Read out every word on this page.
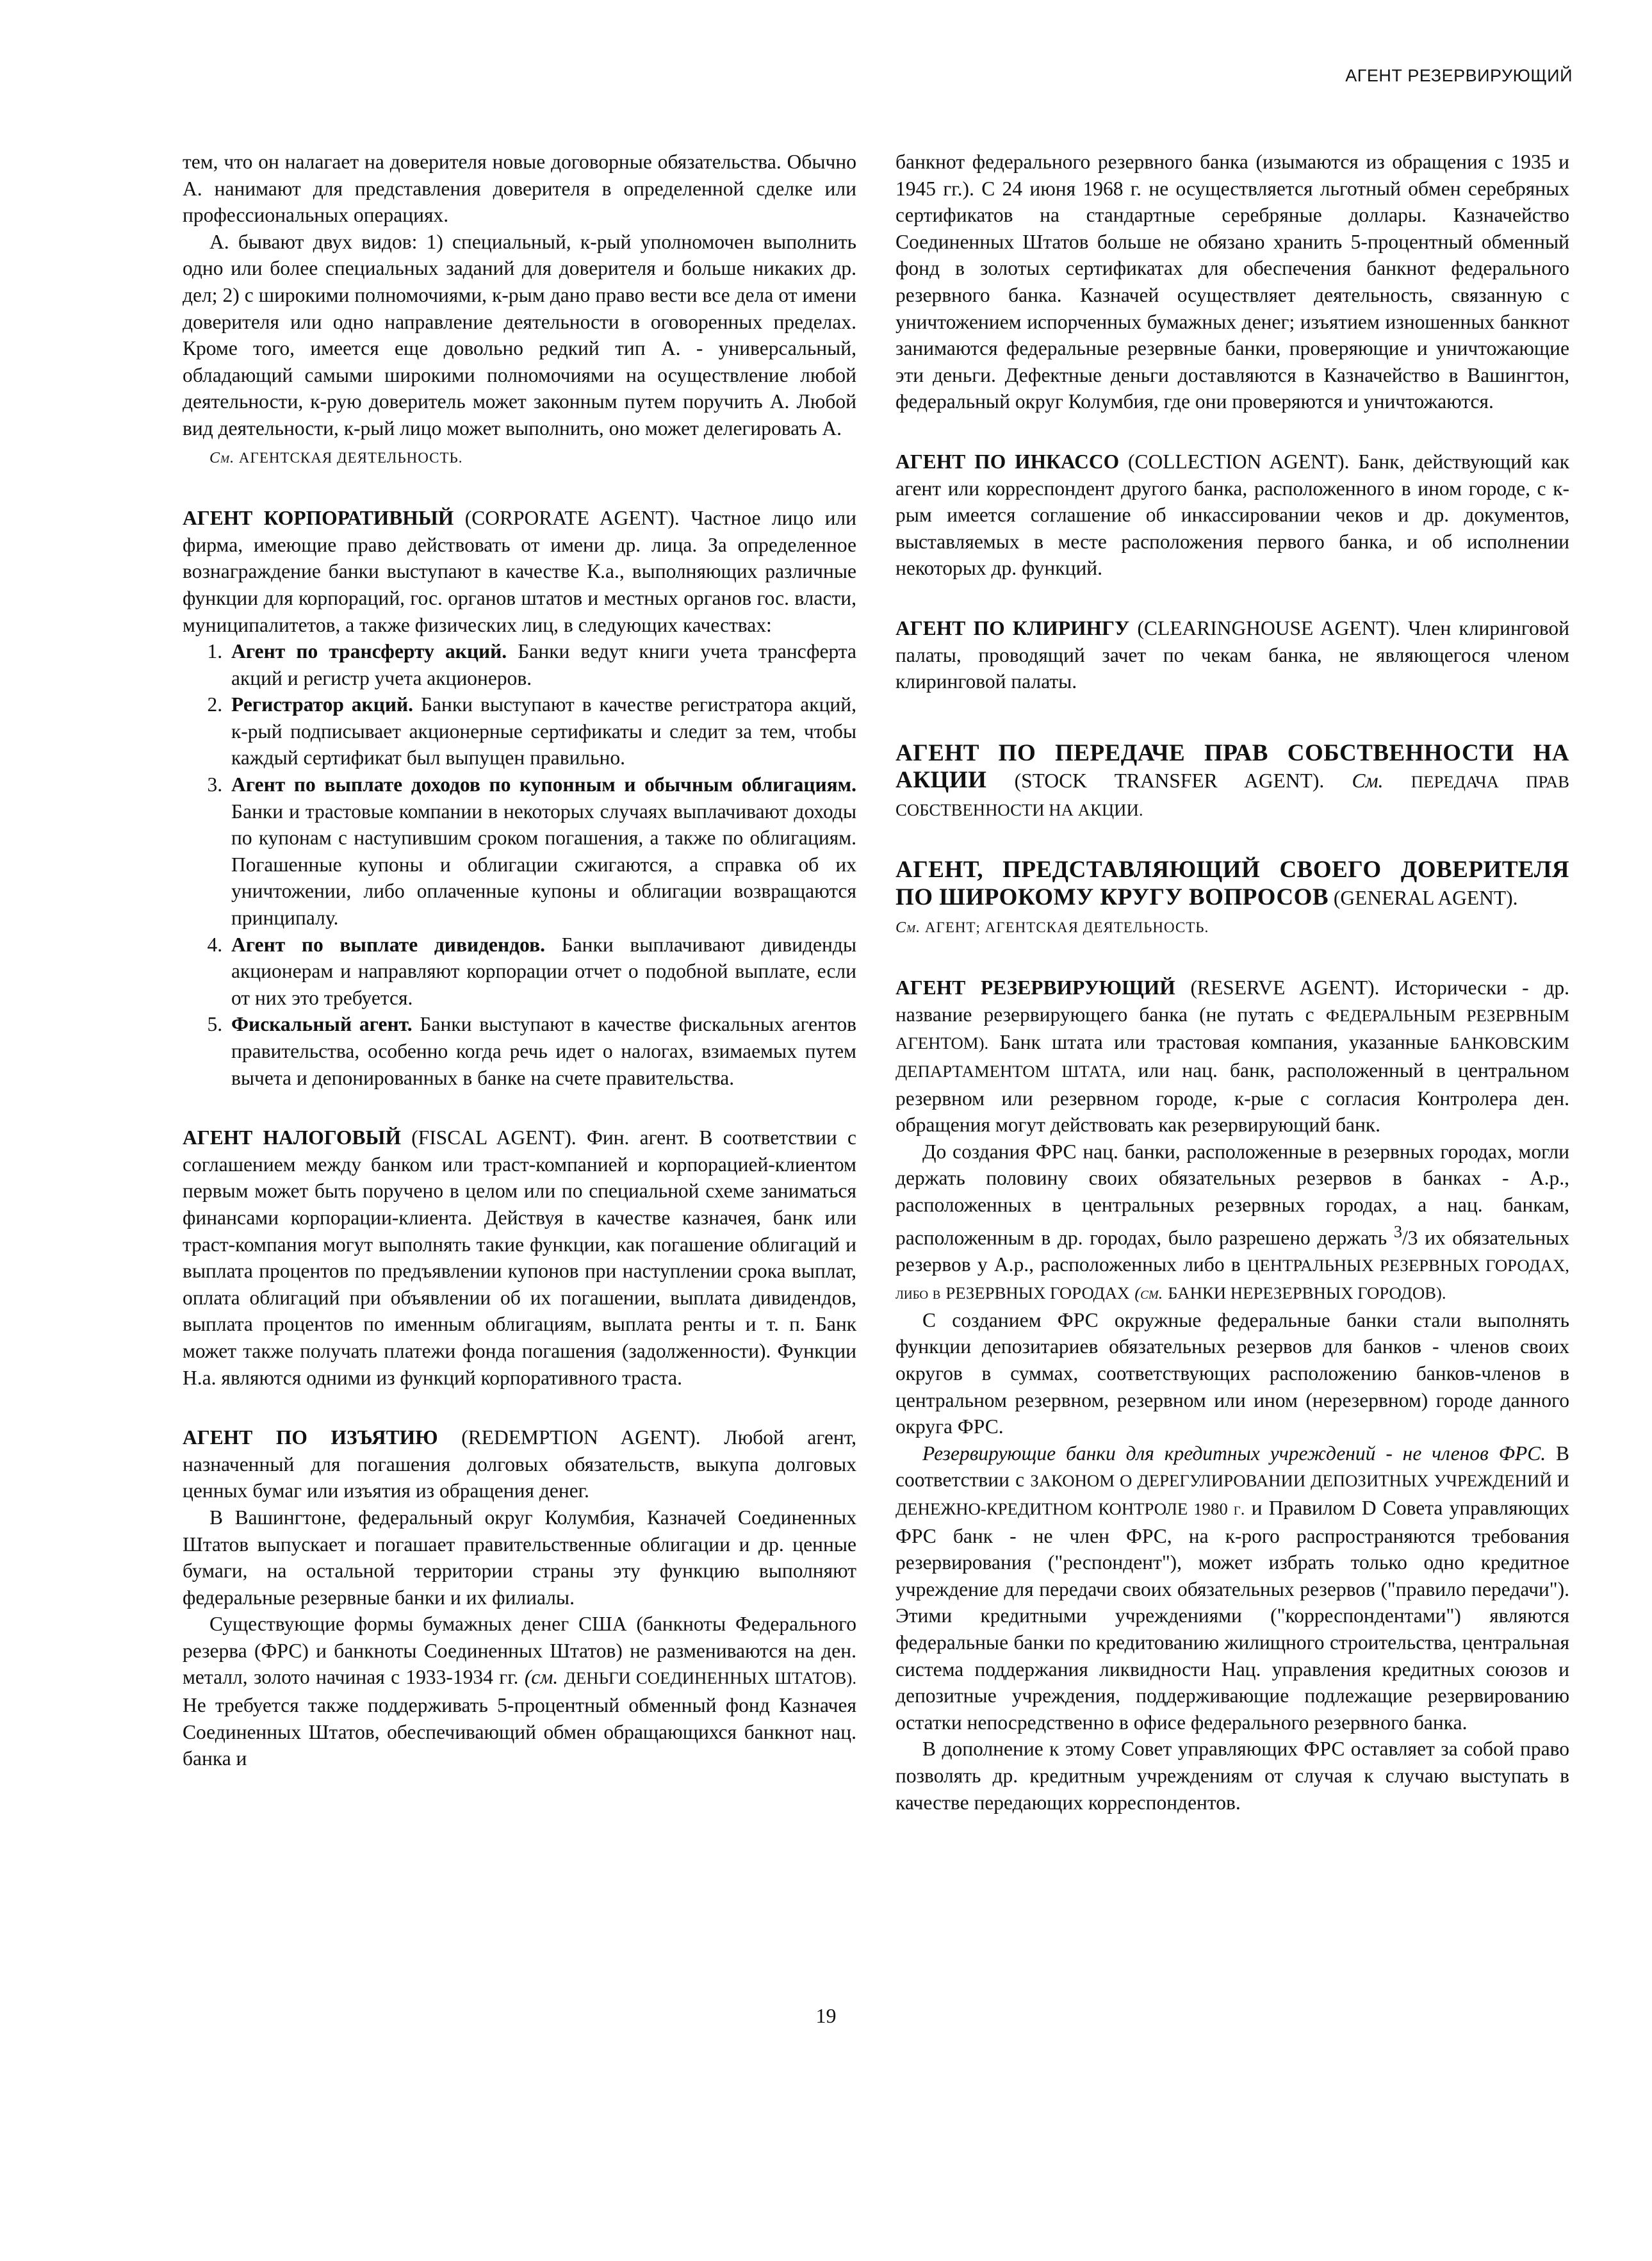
АГЕНТ РЕЗЕРВИРУЮЩИЙ

тем, что он налагает на доверителя новые договорные обязательства. Обычно А. нанимают для представления доверителя в определенной сделке или профессиональных операциях.

А. бывают двух видов: 1) специальный, к-рый уполномочен выполнить одно или более специальных заданий для доверителя и больше никаких др. дел; 2) с широкими полномочиями, к-рым дано право вести все дела от имени доверителя или одно направление деятельности в оговоренных пределах. Кроме того, имеется еще довольно редкий тип А. - универсальный, обладающий самыми широкими полномочиями на осуществление любой деятельности, к-рую доверитель может законным путем поручить А. Любой вид деятельности, к-рый лицо может выполнить, оно может делегировать А.

См. АГЕНТСКАЯ ДЕЯТЕЛЬНОСТЬ.

АГЕНТ КОРПОРАТИВНЫЙ (CORPORATE AGENT). Частное лицо или фирма, имеющие право действовать от имени др. лица. За определенное вознаграждение банки выступают в качестве К.а., выполняющих различные функции для корпораций, гос. органов штатов и местных органов гос. власти, муниципалитетов, а также физических лиц, в следующих качествах:

1. Агент по трансферту акций. Банки ведут книги учета трансферта акций и регистр учета акционеров.
2. Регистратор акций. Банки выступают в качестве регистратора акций, к-рый подписывает акционерные сертификаты и следит за тем, чтобы каждый сертификат был выпущен правильно.
3. Агент по выплате доходов по купонным и обычным облигациям. Банки и трастовые компании в некоторых случаях выплачивают доходы по купонам с наступившим сроком погашения, а также по облигациям. Погашенные купоны и облигации сжигаются, а справка об их уничтожении, либо оплаченные купоны и облигации возвращаются принципалу.
4. Агент по выплате дивидендов. Банки выплачивают дивиденды акционерам и направляют корпорации отчет о подобной выплате, если от них это требуется.
5. Фискальный агент. Банки выступают в качестве фискальных агентов правительства, особенно когда речь идет о налогах, взимаемых путем вычета и депонированных в банке на счете правительства.

АГЕНТ НАЛОГОВЫЙ (FISCAL AGENT). Фин. агент. В соответствии с соглашением между банком или траст-компанией и корпорацией-клиентом первым может быть поручено в целом или по специальной схеме заниматься финансами корпорации-клиента. Действуя в качестве казначея, банк или траст-компания могут выполнять такие функции, как погашение облигаций и выплата процентов по предъявлении купонов при наступлении срока выплат, оплата облигаций при объявлении об их погашении, выплата дивидендов, выплата процентов по именным облигациям, выплата ренты и т. п. Банк может также получать платежи фонда погашения (задолженности). Функции Н.а. являются одними из функций корпоративного траста.

АГЕНТ ПО ИЗЪЯТИЮ (REDEMPTION AGENT). Любой агент, назначенный для погашения долговых обязательств, выкупа долговых ценных бумаг или изъятия из обращения денег.

В Вашингтоне, федеральный округ Колумбия, Казначей Соединенных Штатов выпускает и погашает правительственные облигации и др. ценные бумаги, на остальной территории страны эту функцию выполняют федеральные резервные банки и их филиалы.

Существующие формы бумажных денег США (банкноты Федерального резерва (ФРС) и банкноты Соединенных Штатов) не размениваются на ден. металл, золото начиная с 1933-1934 гг. (см. ДЕНЬГИ СОЕДИНЕННЫХ ШТАТОВ). Не требуется также поддерживать 5-процентный обменный фонд Казначея Соединенных Штатов, обеспечивающий обмен обращающихся банкнот нац. банка и

банкнот федерального резервного банка (изымаются из обращения с 1935 и 1945 гг.). С 24 июня 1968 г. не осуществляется льготный обмен серебряных сертификатов на стандартные серебряные доллары. Казначейство Соединенных Штатов больше не обязано хранить 5-процентный обменный фонд в золотых сертификатах для обеспечения банкнот федерального резервного банка. Казначей осуществляет деятельность, связанную с уничтожением испорченных бумажных денег; изъятием изношенных банкнот занимаются федеральные резервные банки, проверяющие и уничтожающие эти деньги. Дефектные деньги доставляются в Казначейство в Вашингтон, федеральный округ Колумбия, где они проверяются и уничтожаются.

АГЕНТ ПО ИНКАССО (COLLECTION AGENT). Банк, действующий как агент или корреспондент другого банка, расположенного в ином городе, с к-рым имеется соглашение об инкассировании чеков и др. документов, выставляемых в месте расположения первого банка, и об исполнении некоторых др. функций.

АГЕНТ ПО КЛИРИНГУ (CLEARINGHOUSE AGENT). Член клиринговой палаты, проводящий зачет по чекам банка, не являющегося членом клиринговой палаты.

АГЕНТ ПО ПЕРЕДАЧЕ ПРАВ СОБСТВЕННОСТИ НА АКЦИИ (STOCK TRANSFER AGENT). См. ПЕРЕДАЧА ПРАВ СОБСТВЕННОСТИ НА АКЦИИ.

АГЕНТ, ПРЕДСТАВЛЯЮЩИЙ СВОЕГО ДОВЕРИТЕЛЯ ПО ШИРОКОМУ КРУГУ ВОПРОСОВ (GENERAL AGENT).

См. АГЕНТ; АГЕНТСКАЯ ДЕЯТЕЛЬНОСТЬ.

АГЕНТ РЕЗЕРВИРУЮЩИЙ (RESERVE AGENT). Исторически - др. название резервирующего банка (не путать с ФЕДЕРАЛЬНЫМ РЕЗЕРВНЫМ АГЕНТОМ). Банк штата или трастовая компания, указанные БАНКОВСКИМ ДЕПАРТАМЕНТОМ ШТАТА, или нац. банк, расположенный в центральном резервном или резервном городе, к-рые с согласия Контролера ден. обращения могут действовать как резервирующий банк.

До создания ФРС нац. банки, расположенные в резервных городах, могли держать половину своих обязательных резервов в банках - А.р., расположенных в центральных резервных городах, а нац. банкам, расположенным в др. городах, было разрешено держать $^3$/3 их обязательных резервов у А.р., расположенных либо в ЦЕНТРАЛЬНЫХ РЕЗЕРВНЫХ ГОРОДАХ, либо в РЕЗЕРВНЫХ ГОРОДАХ (см. БАНКИ НЕРЕЗЕРВНЫХ ГОРОДОВ).

С созданием ФРС окружные федеральные банки стали выполнять функции депозитариев обязательных резервов для банков - членов своих округов в суммах, соответствующих расположению банков-членов в центральном резервном, резервном или ином (нерезервном) городе данного округа ФРС.

Резервирующие банки для кредитных учреждений - не членов ФРС. В соответствии с ЗАКОНОМ О ДЕРЕГУЛИРОВАНИИ ДЕПОЗИТНЫХ УЧРЕЖДЕНИЙ И ДЕНЕЖНО-КРЕДИТНОМ КОНТРОЛЕ 1980 г. и Правилом D Совета управляющих ФРС банк - не член ФРС, на к-рого распространяются требования резервирования ("респондент"), может избрать только одно кредитное учреждение для передачи своих обязательных резервов ("правило передачи"). Этими кредитными учреждениями ("корреспондентами") являются федеральные банки по кредитованию жилищного строительства, центральная система поддержания ликвидности Нац. управления кредитных союзов и депозитные учреждения, поддерживающие подлежащие резервированию остатки непосредственно в офисе федерального резервного банка.

В дополнение к этому Совет управляющих ФРС оставляет за собой право позволять др. кредитным учреждениям от случая к случаю выступать в качестве передающих корреспондентов.

19
